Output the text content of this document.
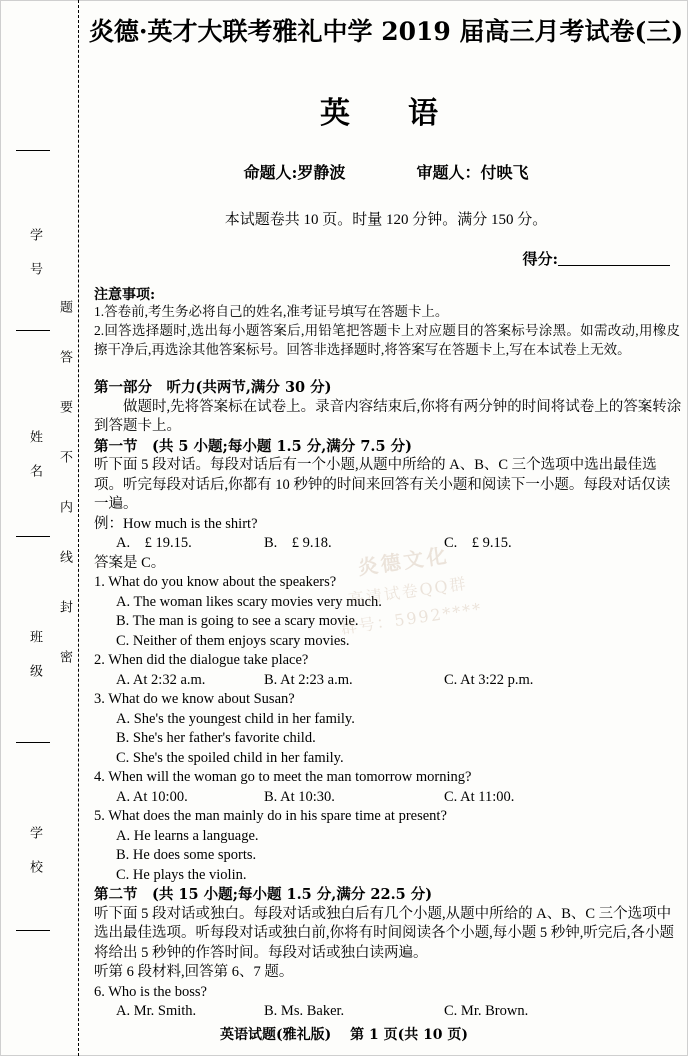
学　号
姓　名
班　级
学　校
题
答
要
不
内
线
封
密
炎德·英才大联考雅礼中学 2019 届高三月考试卷(三)
英　语
命题人:罗静波	审题人：付映飞
本试题卷共 10 页。时量 120 分钟。满分 150 分。
得分:
注意事项:

1.答卷前,考生务必将自己的姓名,准考证号填写在答题卡上。

2.回答选择题时,选出每小题答案后,用铅笔把答题卡上对应题目的答案标号涂黑。如需改动,用橡皮擦干净后,再选涂其他答案标号。回答非选择题时,将答案写在答题卡上,写在本试卷上无效。

第一部分　听力(共两节,满分 30 分)
做题时,先将答案标在试卷上。录音内容结束后,你将有两分钟的时间将试卷上的答案转涂到答题卡上。
第一节　(共 5 小题;每小题 1.5 分,满分 7.5 分)
听下面 5 段对话。每段对话后有一个小题,从题中所给的 A、B、C 三个选项中选出最佳选项。听完每段对话后,你都有 10 秒钟的时间来回答有关小题和阅读下一小题。每段对话仅读一遍。
例：How much is the shirt?
A.　£ 19.15.	B.　£ 9.18.	C.　£ 9.15.
答案是 C。
1. What do you know about the speakers?
A. The woman likes scary movies very much.
B. The man is going to see a scary movie.
C. Neither of them enjoys scary movies.
2. When did the dialogue take place?
A. At 2:32 a.m.	B. At 2:23 a.m.	C. At 3:22 p.m.
3. What do we know about Susan?
A. She's the youngest child in her family.
B. She's her father's favorite child.
C. She's the spoiled child in her family.
4. When will the woman go to meet the man tomorrow morning?
A. At 10:00.	B. At 10:30.	C. At 11:00.
5. What does the man mainly do in his spare time at present?
A. He learns a language.
B. He does some sports.
C. He plays the violin.
第二节　(共 15 小题;每小题 1.5 分,满分 22.5 分)
听下面 5 段对话或独白。每段对话或独白后有几个小题,从题中所给的 A、B、C 三个选项中选出最佳选项。听每段对话或独白前,你将有时间阅读各个小题,每小题 5 秒钟,听完后,各小题将给出 5 秒钟的作答时间。每段对话或独白读两遍。
听第 6 段材料,回答第 6、7 题。
6. Who is the boss?
A. Mr. Smith.	B. Ms. Baker.	C. Mr. Brown.
炎德文化
高清试卷QQ群
群号：5992****
英语试题(雅礼版) 第 1 页(共 10 页)
